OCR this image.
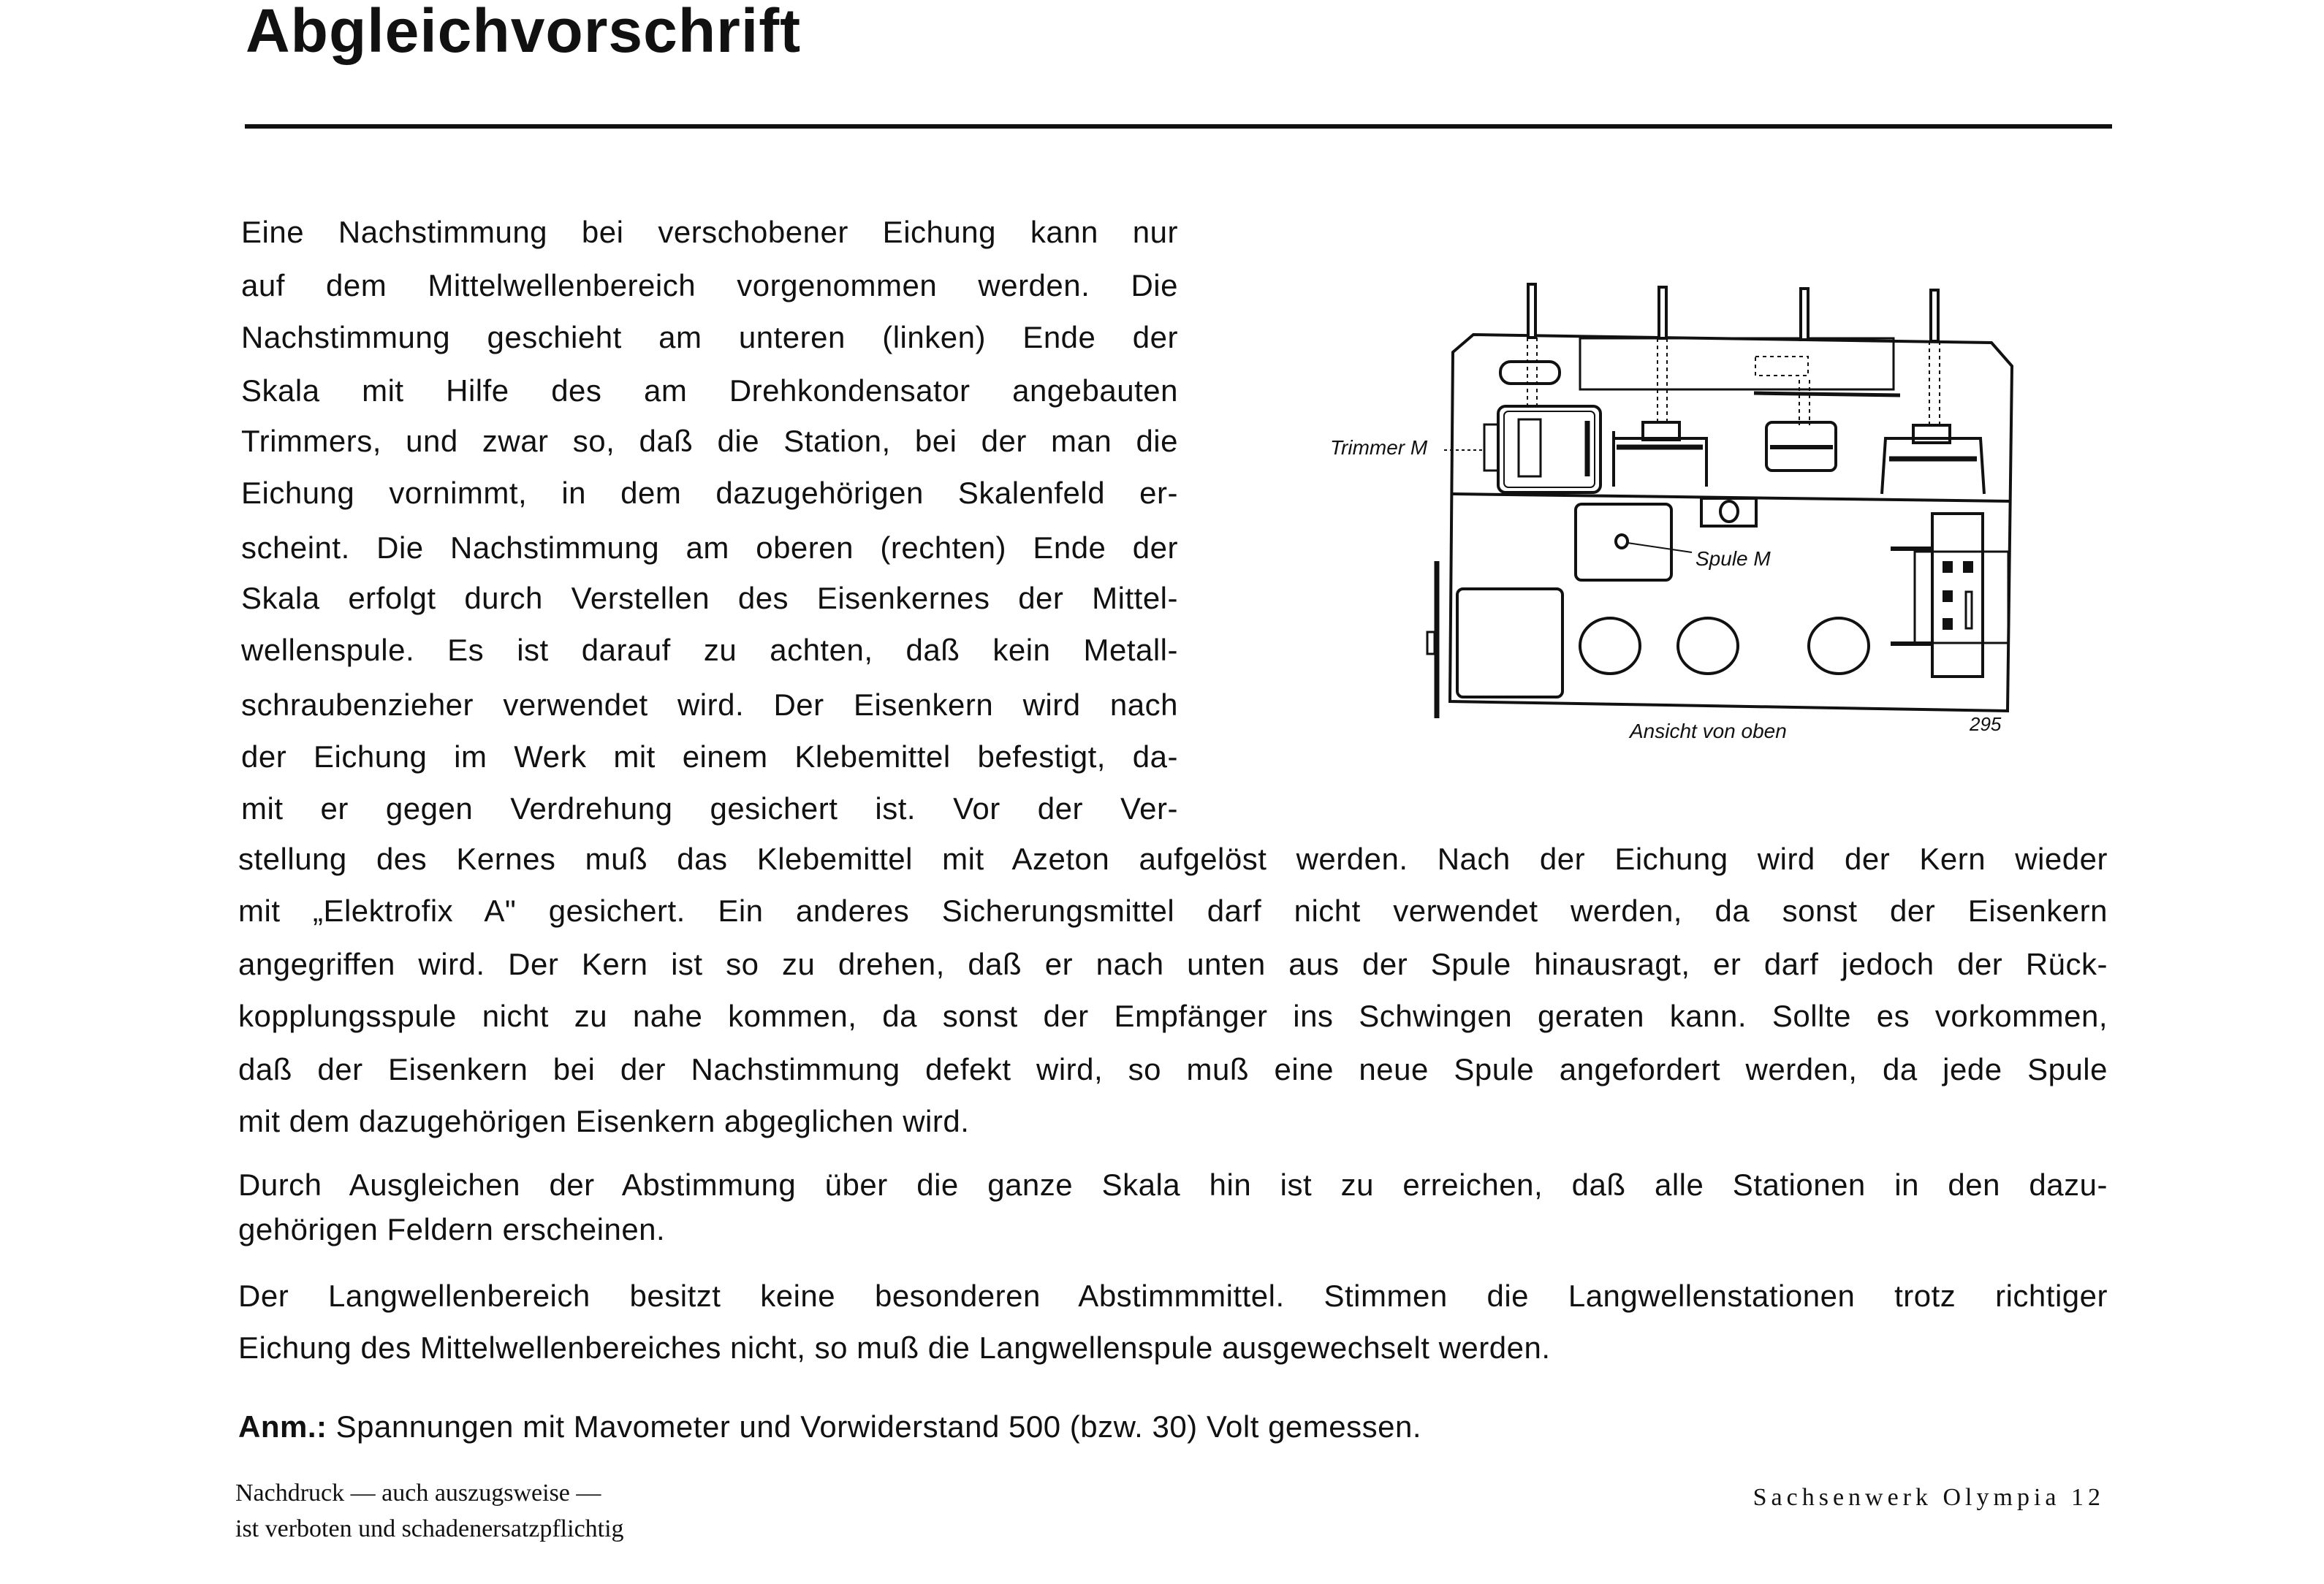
Abgleichvorschrift
Eine Nachstimmung bei verschobener Eichung kann nur
auf dem Mittelwellenbereich vorgenommen werden. Die
Nachstimmung geschieht am unteren (linken) Ende der
Skala mit Hilfe des am Drehkondensator angebauten
Trimmers, und zwar so, daß die Station, bei der man die
Eichung vornimmt, in dem dazugehörigen Skalenfeld er-
scheint. Die Nachstimmung am oberen (rechten) Ende der
Skala erfolgt durch Verstellen des Eisenkernes der Mittel-
wellenspule. Es ist darauf zu achten, daß kein Metall-
schraubenzieher verwendet wird. Der Eisenkern wird nach
der Eichung im Werk mit einem Klebemittel befestigt, da-
mit er gegen Verdrehung gesichert ist. Vor der Ver-
stellung des Kernes muß das Klebemittel mit Azeton aufgelöst werden. Nach der Eichung wird der Kern wieder
mit „Elektrofix A" gesichert. Ein anderes Sicherungsmittel darf nicht verwendet werden, da sonst der Eisenkern
angegriffen wird. Der Kern ist so zu drehen, daß er nach unten aus der Spule hinausragt, er darf jedoch der Rück-
kopplungsspule nicht zu nahe kommen, da sonst der Empfänger ins Schwingen geraten kann. Sollte es vorkommen,
daß der Eisenkern bei der Nachstimmung defekt wird, so muß eine neue Spule angefordert werden, da jede Spule
mit dem dazugehörigen Eisenkern abgeglichen wird.
Durch Ausgleichen der Abstimmung über die ganze Skala hin ist zu erreichen, daß alle Stationen in den dazu-
gehörigen Feldern erscheinen.
Der Langwellenbereich besitzt keine besonderen Abstimmmittel. Stimmen die Langwellenstationen trotz richtiger
Eichung des Mittelwellenbereiches nicht, so muß die Langwellenspule ausgewechselt werden.
Anm.: Spannungen mit Mavometer und Vorwiderstand 500 (bzw. 30) Volt gemessen.
Trimmer M
Spule M
Ansicht von oben	295
Nachdruck — auch auszugsweise —
ist verboten und schadenersatzpflichtig
Sachsenwerk Olympia 12
